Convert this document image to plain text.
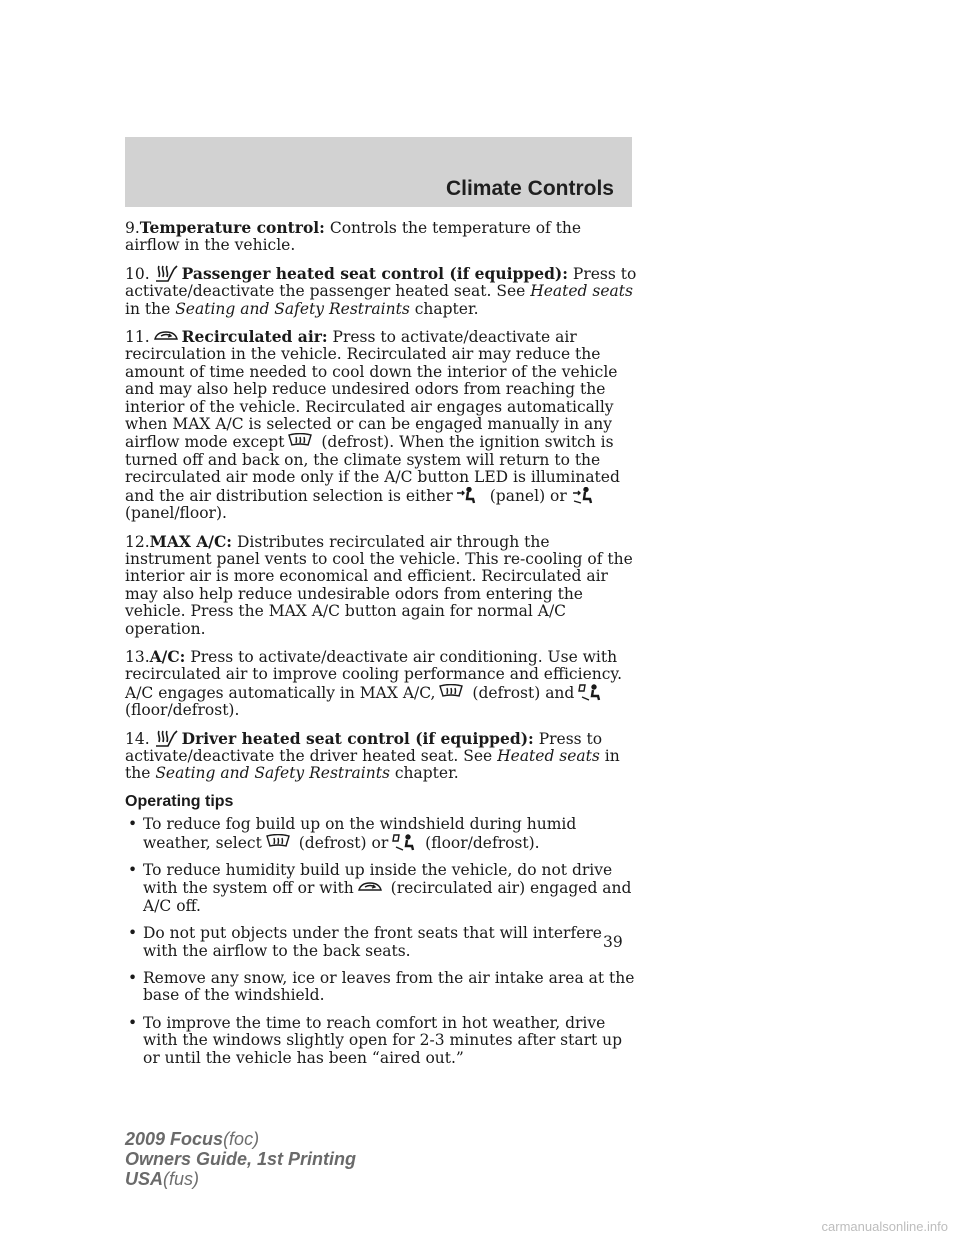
Climate Controls

9.Temperature control: Controls the temperature of the airflow in the vehicle.

10. Passenger heated seat control (if equipped): Press to activate/deactivate the passenger heated seat. See Heated seats in the Seating and Safety Restraints chapter.

11. Recirculated air: Press to activate/deactivate air recirculation in the vehicle. Recirculated air may reduce the amount of time needed to cool down the interior of the vehicle and may also help reduce undesired odors from reaching the interior of the vehicle. Recirculated air engages automatically when MAX A/C is selected or can be engaged manually in any airflow mode except
(defrost). When the ignition switch is turned off and back on, the climate system will return to the recirculated air mode only if the A/C button LED is illuminated and the air distribution selection is either
(panel) or
(panel/floor).

12.MAX A/C: Distributes recirculated air through the instrument panel vents to cool the vehicle. This re-cooling of the interior air is more economical and efficient. Recirculated air may also help reduce undesirable odors from entering the vehicle. Press the MAX A/C button again for normal A/C operation.

13.A/C: Press to activate/deactivate air conditioning. Use with recirculated air to improve cooling performance and efficiency. A/C engages automatically in MAX A/C,
(defrost) and
(floor/defrost).

14. Driver heated seat control (if equipped): Press to activate/deactivate the driver heated seat. See Heated seats in the Seating and Safety Restraints chapter.

Operating tips
• To reduce fog build up on the windshield during humid weather, select
(defrost) or
(floor/defrost).
• To reduce humidity build up inside the vehicle, do not drive with the system off or with
(recirculated air) engaged and A/C off.
• Do not put objects under the front seats that will interfere with the airflow to the back seats.
• Remove any snow, ice or leaves from the air intake area at the base of the windshield.
• To improve the time to reach comfort in hot weather, drive with the windows slightly open for 2-3 minutes after start up or until the vehicle has been “aired out.”
39
2009 Focus(foc)
Owners Guide, 1st Printing
USA(fus)
carmanualsonline.info
